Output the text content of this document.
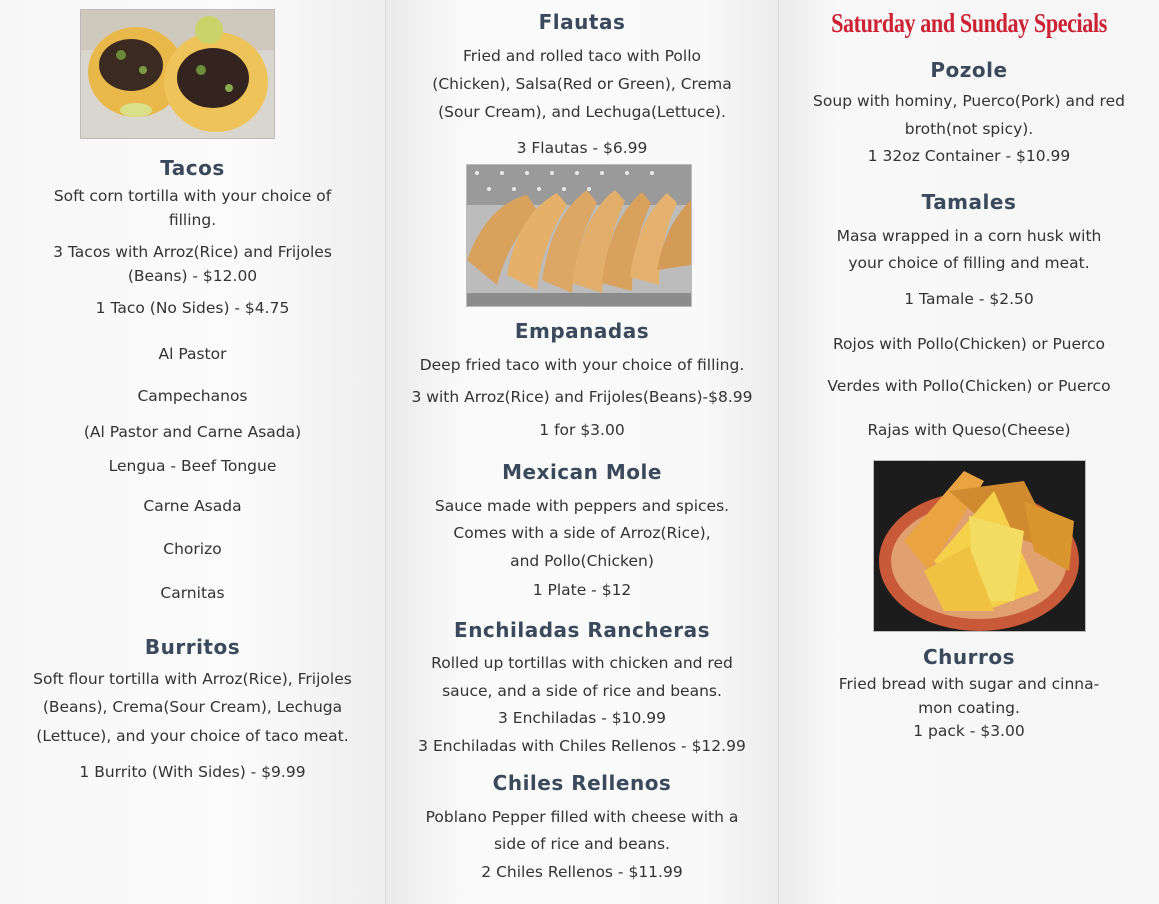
Tacos
Soft corn tortilla with your choice of
filling.
3 Tacos with Arroz(Rice) and Frijoles
(Beans) - $12.00
1 Taco (No Sides) - $4.75
Al Pastor
Campechanos
(Al Pastor and Carne Asada)
Lengua - Beef Tongue
Carne Asada
Chorizo
Carnitas
Burritos
Soft flour tortilla with Arroz(Rice), Frijoles
(Beans), Crema(Sour Cream), Lechuga
(Lettuce), and your choice of taco meat.
1 Burrito (With Sides) - $9.99
Flautas
Fried and rolled taco with Pollo
(Chicken), Salsa(Red or Green), Crema
(Sour Cream), and Lechuga(Lettuce).
3 Flautas - $6.99
Empanadas
Deep fried taco with your choice of filling.
3 with Arroz(Rice) and Frijoles(Beans)-$8.99
1 for $3.00
Mexican Mole
Sauce made with peppers and spices.
Comes with a side of Arroz(Rice),
and Pollo(Chicken)
1 Plate - $12
Enchiladas Rancheras
Rolled up tortillas with chicken and red
sauce, and a side of rice and beans.
3 Enchiladas - $10.99
3 Enchiladas with Chiles Rellenos - $12.99
Chiles Rellenos
Poblano Pepper filled with cheese with a
side of rice and beans.
2 Chiles Rellenos - $11.99
Saturday and Sunday Specials
Pozole
Soup with hominy, Puerco(Pork) and red
broth(not spicy).
1 32oz Container - $10.99
Tamales
Masa wrapped in a corn husk with
your choice of filling and meat.
1 Tamale - $2.50
Rojos with Pollo(Chicken) or Puerco
Verdes with Pollo(Chicken) or Puerco
Rajas with Queso(Cheese)
Churros
Fried bread with sugar and cinna-
mon coating.
1 pack - $3.00
